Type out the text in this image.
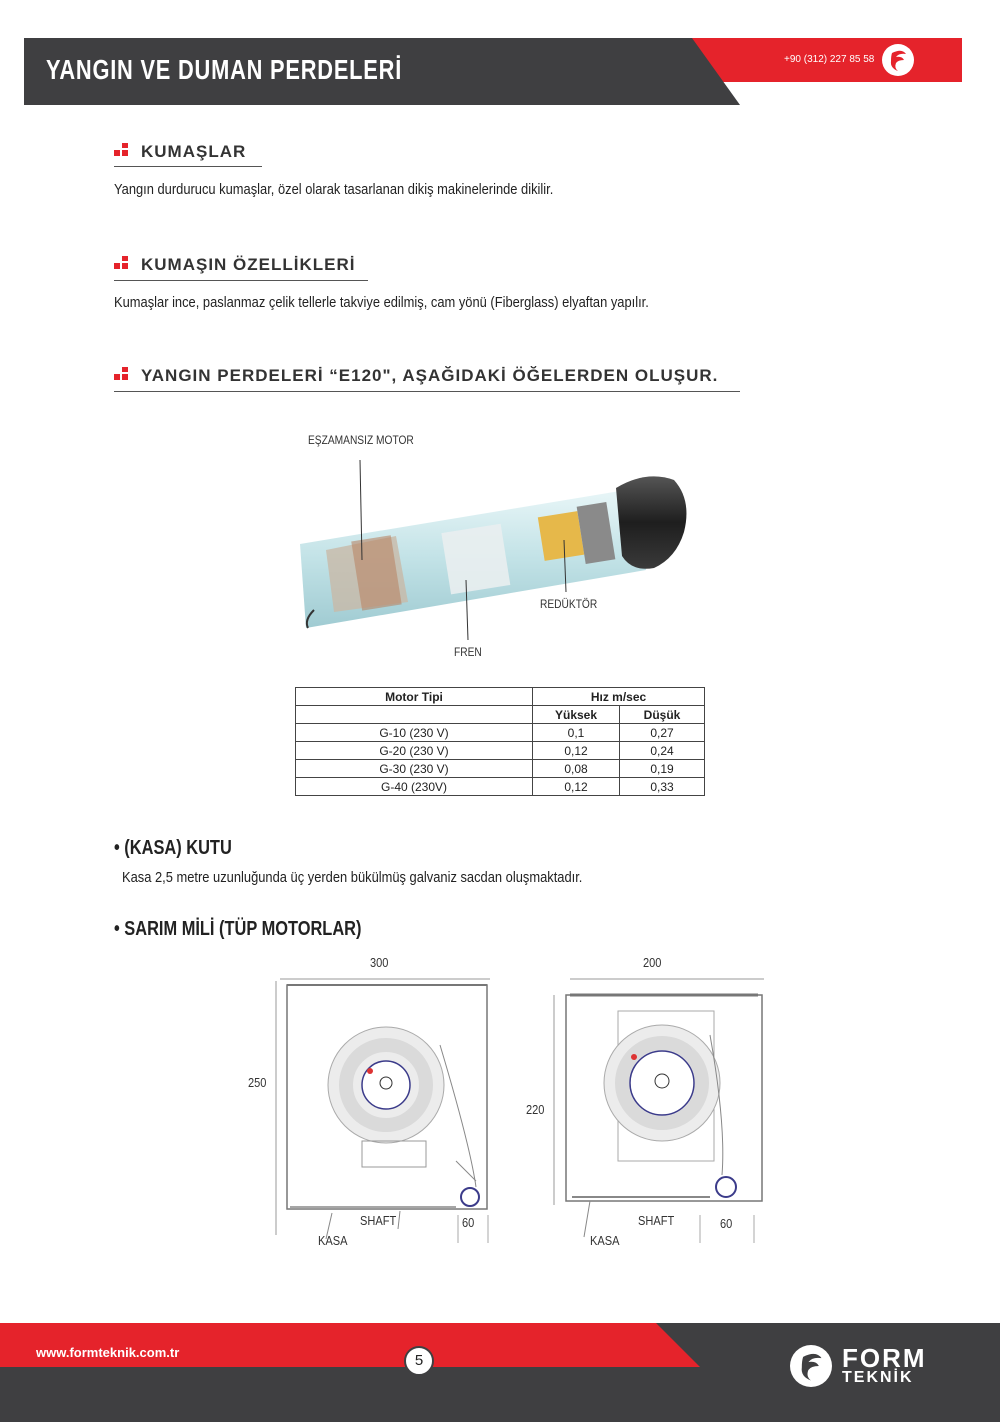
YANGIN VE DUMAN PERDELERİ	+90 (312) 227 85 58
KUMAŞLAR
Yangın durdurucu kumaşlar, özel olarak tasarlanan dikiş makinelerinde dikilir.
KUMAŞIN ÖZELLİKLERİ
Kumaşlar ince, paslanmaz çelik tellerle takviye edilmiş, cam yönü (Fiberglass) elyaftan yapılır.
YANGIN PERDELERİ “E120", AŞAĞIDAKİ ÖĞELERDEN OLUŞUR.
EŞZAMANSIZ MOTOR
REDÜKTÖR
FREN
Motor Tipi	Hız m/sec	
	Yüksek	Düşük
G-10 (230 V)	0,1	0,27
G-20 (230 V)	0,12	0,24
G-30 (230 V)	0,08	0,19
G-40 (230V)	0,12	0,33
• (KASA) KUTU
Kasa 2,5 metre uzunluğunda üç yerden bükülmüş galvaniz sacdan oluşmaktadır.
• SARIM MİLİ (TÜP MOTORLAR)
300
250
SHAFT	60
KASA
200
220
SHAFT	60
KASA
www.formteknik.com.tr	5	FORM
TEKNİK
